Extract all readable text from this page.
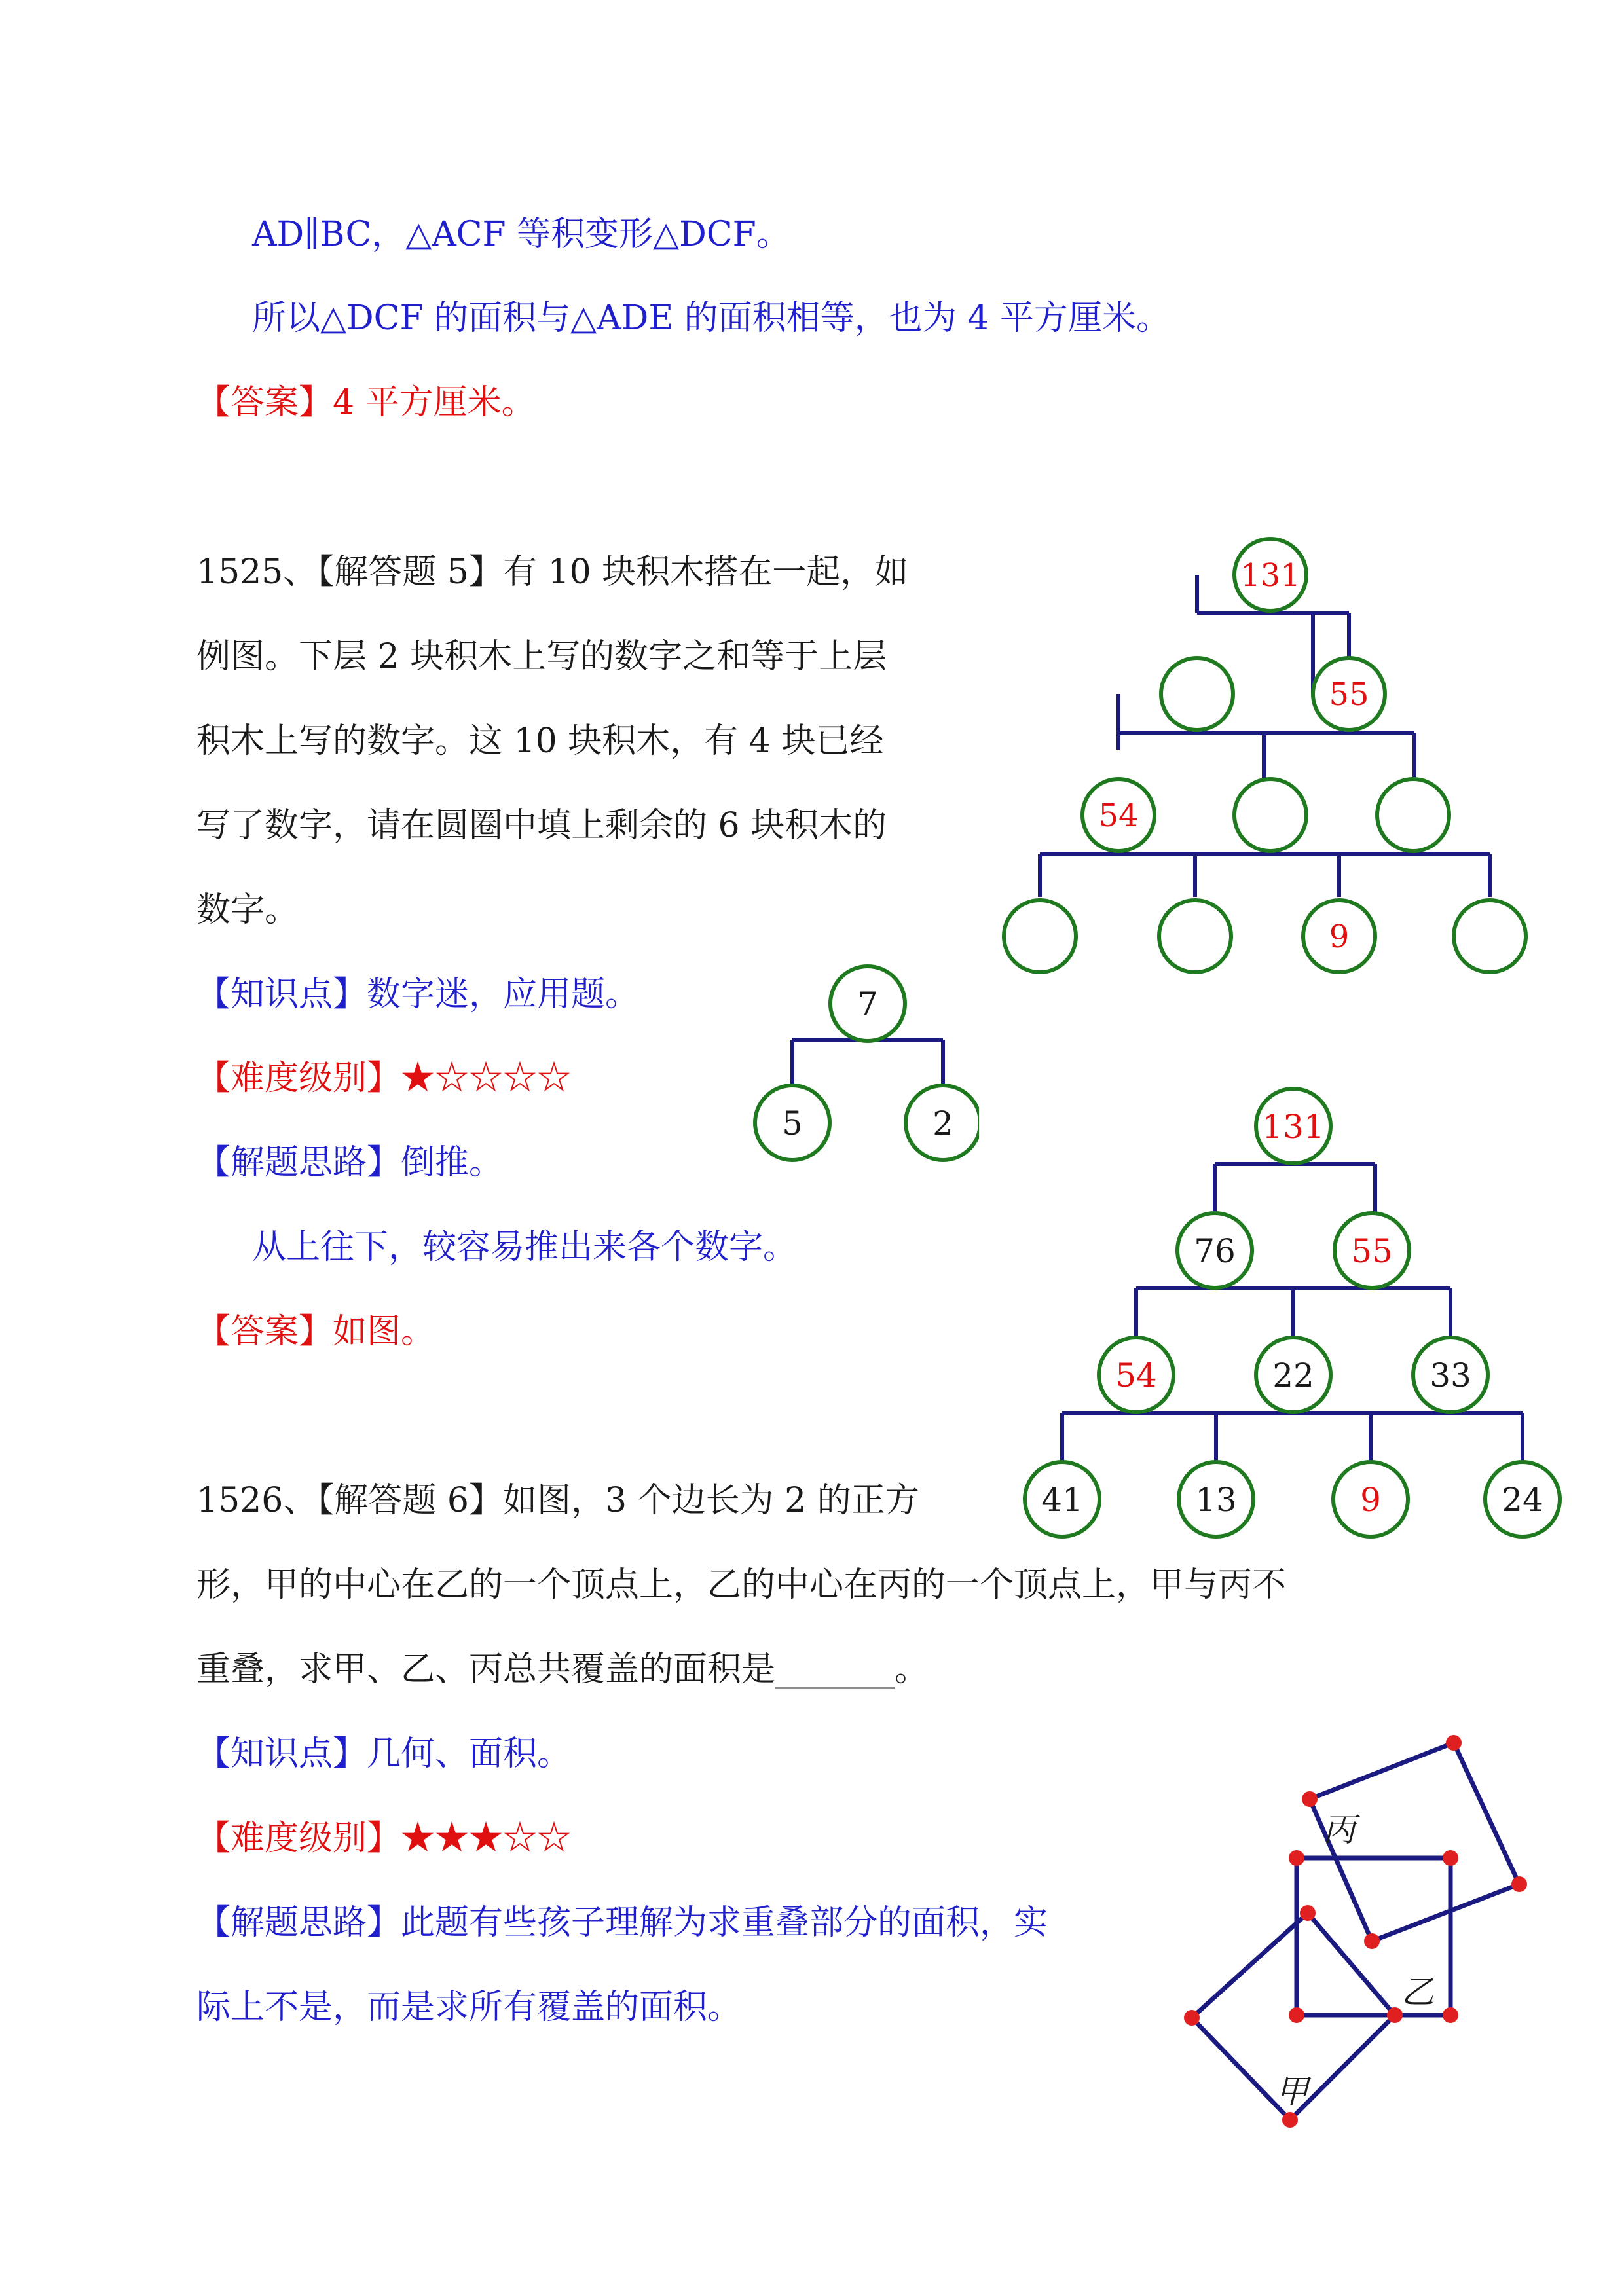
AD∥BC，△ACF 等积变形△DCF。
所以△DCF 的面积与△ADE 的面积相等，也为 4 平方厘米。
【答案】4 平方厘米。
1525、【解答题 5】有 10 块积木搭在一起，如
例图。下层 2 块积木上写的数字之和等于上层
积木上写的数字。这 10 块积木，有 4 块已经
写了数字，请在圆圈中填上剩余的 6 块积木的
数字。
【知识点】数字迷，应用题。
【难度级别】★☆☆☆☆
【解题思路】倒推。
从上往下，较容易推出来各个数字。
【答案】如图。
131
55
54
9
7
5	2	131
76	55
54	22	33
41	13	9	24
1526、【解答题 6】如图，3 个边长为 2 的正方
形，甲的中心在乙的一个顶点上，乙的中心在丙的一个顶点上，甲与丙不
重叠，求甲、乙、丙总共覆盖的面积是_______。
【知识点】几何、面积。
【难度级别】★★★☆☆
【解题思路】此题有些孩子理解为求重叠部分的面积，实
际上不是，而是求所有覆盖的面积。
丙
乙
甲
